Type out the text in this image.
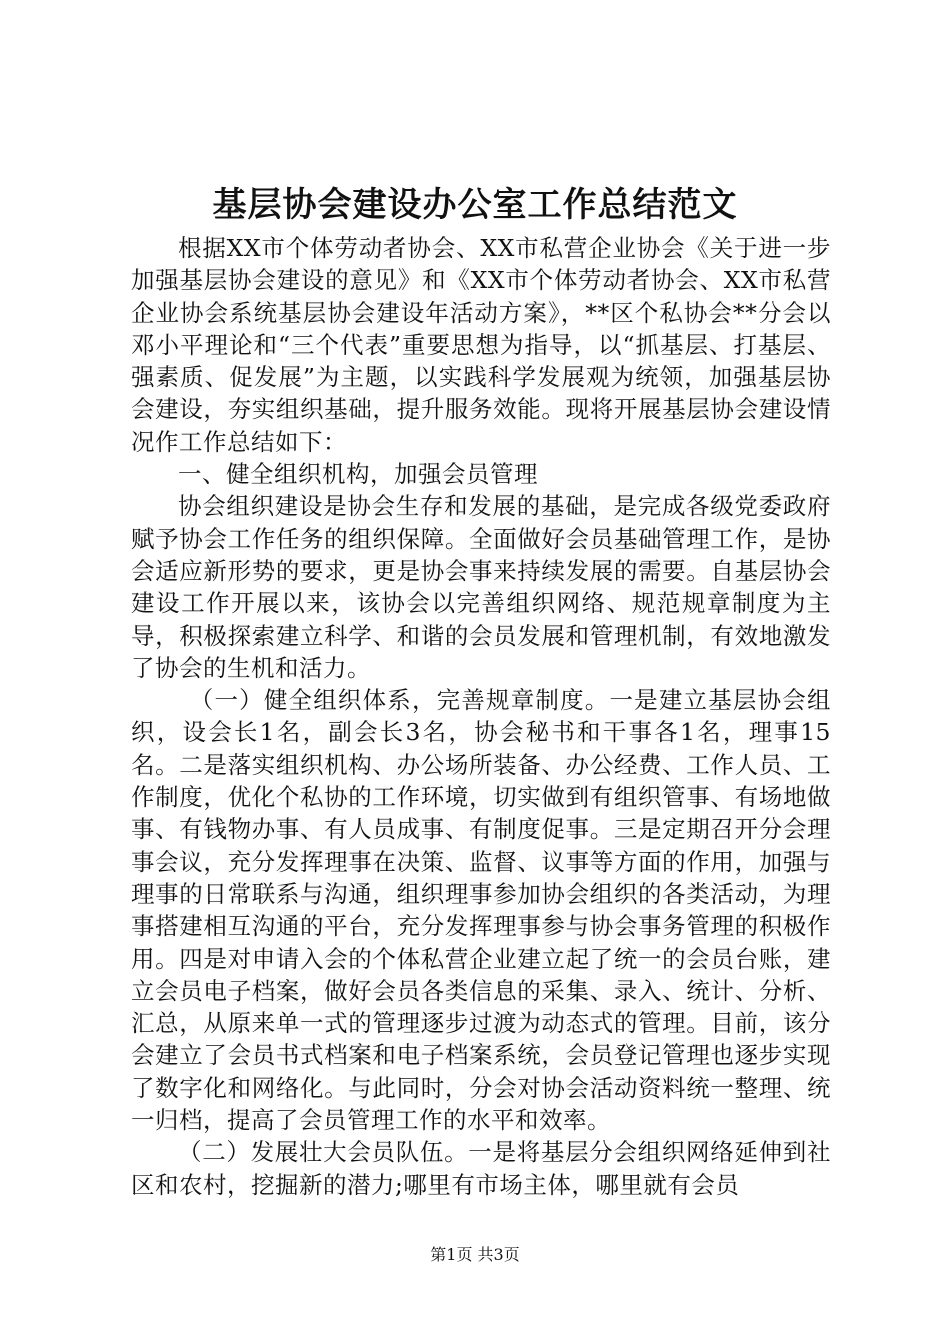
基层协会建设办公室工作总结范文

根据XX市个体劳动者协会、XX市私营企业协会《关于进一步加强基层协会建设的意见》和《XX市个体劳动者协会、XX市私营企业协会系统基层协会建设年活动方案》，**区个私协会**分会以邓小平理论和“三个代表”重要思想为指导，以“抓基层、打基层、强素质、促发展”为主题，以实践科学发展观为统领，加强基层协会建设，夯实组织基础，提升服务效能。现将开展基层协会建设情况作工作总结如下：

一、健全组织机构，加强会员管理

协会组织建设是协会生存和发展的基础，是完成各级党委政府赋予协会工作任务的组织保障。全面做好会员基础管理工作，是协会适应新形势的要求，更是协会事来持续发展的需要。自基层协会建设工作开展以来，该协会以完善组织网络、规范规章制度为主导，积极探索建立科学、和谐的会员发展和管理机制，有效地激发了协会的生机和活力。

（一）健全组织体系，完善规章制度。一是建立基层协会组织，设会长1名，副会长3名，协会秘书和干事各1名，理事15名。二是落实组织机构、办公场所装备、办公经费、工作人员、工作制度，优化个私协的工作环境，切实做到有组织管事、有场地做事、有钱物办事、有人员成事、有制度促事。三是定期召开分会理事会议，充分发挥理事在决策、监督、议事等方面的作用，加强与理事的日常联系与沟通，组织理事参加协会组织的各类活动，为理事搭建相互沟通的平台，充分发挥理事参与协会事务管理的积极作用。四是对申请入会的个体私营企业建立起了统一的会员台账，建立会员电子档案，做好会员各类信息的采集、录入、统计、分析、汇总，从原来单一式的管理逐步过渡为动态式的管理。目前，该分会建立了会员书式档案和电子档案系统，会员登记管理也逐步实现了数字化和网络化。与此同时，分会对协会活动资料统一整理、统一归档，提高了会员管理工作的水平和效率。

（二）发展壮大会员队伍。一是将基层分会组织网络延伸到社区和农村，挖掘新的潜力;哪里有市场主体，哪里就有会员

第1页 共3页
